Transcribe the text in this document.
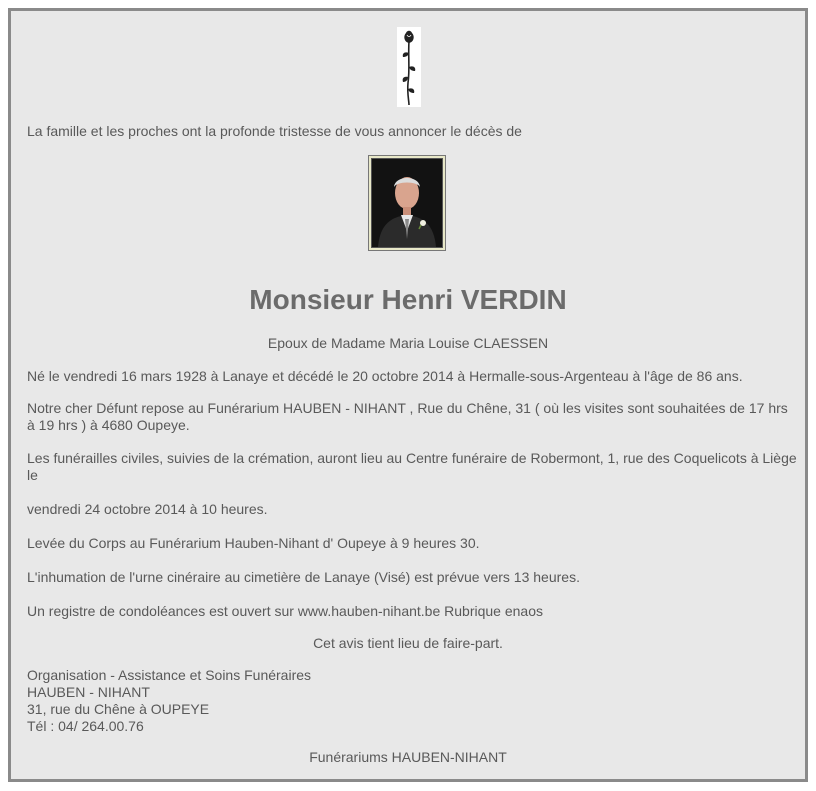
La famille et les proches ont la profonde tristesse de vous annoncer le décès de
Monsieur Henri VERDIN
Epoux de Madame Maria Louise CLAESSEN
Né le vendredi 16 mars 1928 à Lanaye et décédé le 20 octobre 2014 à Hermalle-sous-Argenteau à l'âge de 86 ans.
Notre cher Défunt repose au Funérarium HAUBEN - NIHANT , Rue du Chêne, 31 ( où les visites sont souhaitées de 17 hrs à 19 hrs ) à 4680 Oupeye.
Les funérailles civiles, suivies de la crémation, auront lieu au Centre funéraire de Robermont, 1, rue des Coquelicots à Liège le
vendredi 24 octobre 2014 à 10 heures.
Levée du Corps au Funérarium Hauben-Nihant d' Oupeye à 9 heures 30.
L'inhumation de l'urne cinéraire au cimetière de Lanaye (Visé) est prévue vers 13 heures.
Un registre de condoléances est ouvert sur www.hauben-nihant.be Rubrique enaos
Cet avis tient lieu de faire-part.
Organisation - Assistance et Soins Funéraires
HAUBEN - NIHANT
31, rue du Chêne à OUPEYE
Tél : 04/ 264.00.76
Funérariums HAUBEN-NIHANT
